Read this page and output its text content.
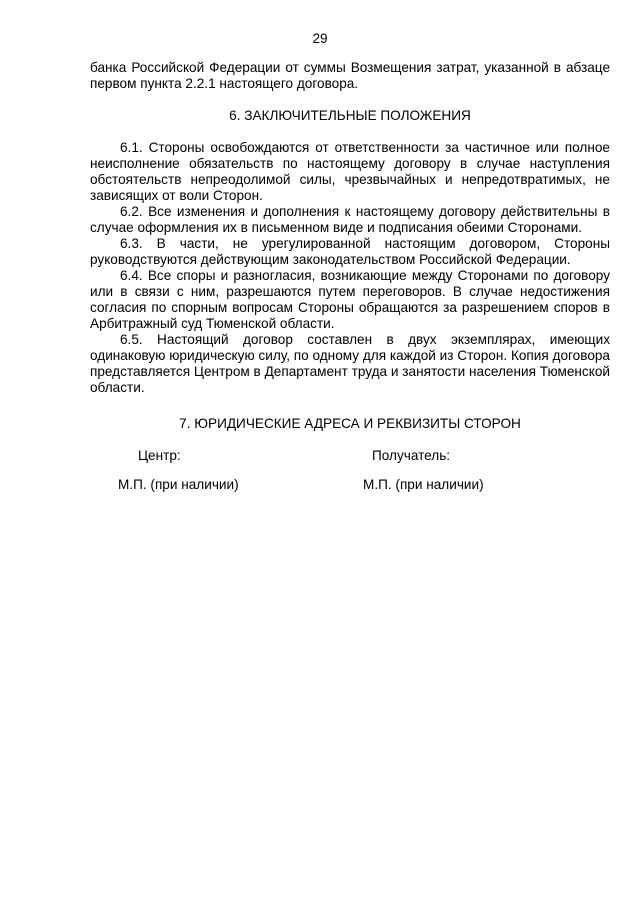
29

банка Российской Федерации от суммы Возмещения затрат, указанной в абзаце первом пункта 2.2.1 настоящего договора.

6. ЗАКЛЮЧИТЕЛЬНЫЕ ПОЛОЖЕНИЯ

6.1. Стороны освобождаются от ответственности за частичное или полное неисполнение обязательств по настоящему договору в случае наступления обстоятельств непреодолимой силы, чрезвычайных и непредотвратимых, не зависящих от воли Сторон.

6.2. Все изменения и дополнения к настоящему договору действительны в случае оформления их в письменном виде и подписания обеими Сторонами.

6.3. В части, не урегулированной настоящим договором, Стороны руководствуются действующим законодательством Российской Федерации.

6.4. Все споры и разногласия, возникающие между Сторонами по договору или в связи с ним, разрешаются путем переговоров. В случае недостижения согласия по спорным вопросам Стороны обращаются за разрешением споров в Арбитражный суд Тюменской области.

6.5. Настоящий договор составлен в двух экземплярах, имеющих одинаковую юридическую силу, по одному для каждой из Сторон. Копия договора представляется Центром в Департамент труда и занятости населения Тюменской области.

7. ЮРИДИЧЕСКИЕ АДРЕСА И РЕКВИЗИТЫ СТОРОН
Центр:	Получатель:
М.П. (при наличии)	М.П. (при наличии)
